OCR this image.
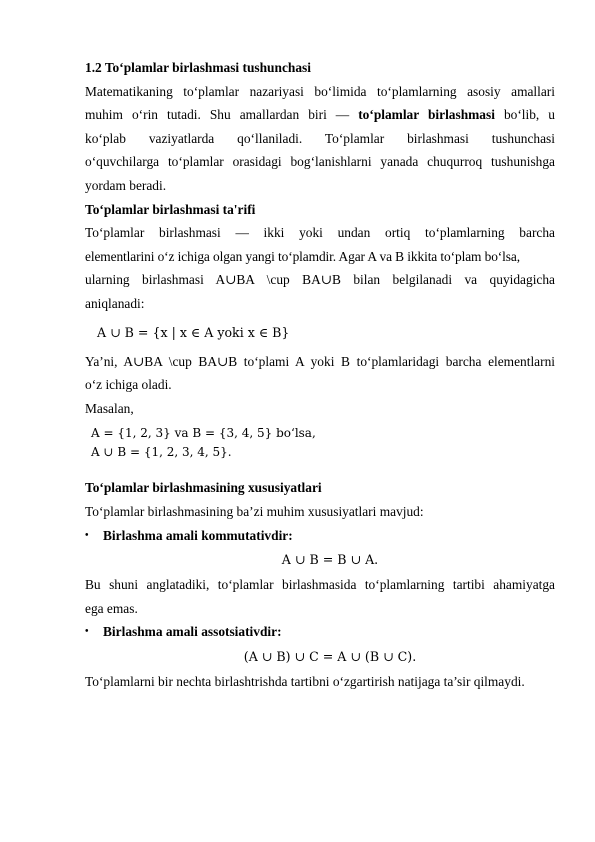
1.2 To‘plamlar birlashmasi tushunchasi
Matematikaning to‘plamlar nazariyasi bo‘limida to‘plamlarning asosiy amallari
muhim o‘rin tutadi. Shu amallardan biri — to‘plamlar birlashmasi bo‘lib, u
ko‘plab vaziyatlarda qo‘llaniladi. To‘plamlar birlashmasi tushunchasi
o‘quvchilarga to‘plamlar orasidagi bog‘lanishlarni yanada chuqurroq tushunishga
yordam beradi.
To‘plamlar birlashmasi ta'rifi
To‘plamlar birlashmasi — ikki yoki undan ortiq to‘plamlarning barcha
elementlarini o‘z ichiga olgan yangi to‘plamdir. Agar A va B ikkita to‘plam bo‘lsa,
ularning birlashmasi A∪BA \cup BA∪B bilan belgilanadi va quyidagicha
aniqlanadi:
A ∪ B = {x | x ∈ A yoki x ∈ B}
Ya’ni, A∪BA \cup BA∪B to‘plami A yoki B to‘plamlaridagi barcha elementlarni
o‘z ichiga oladi.
Masalan,
A = {1, 2, 3} va B = {3, 4, 5} bo‘lsa,
A ∪ B = {1, 2, 3, 4, 5}.
To‘plamlar birlashmasining xususiyatlari
To‘plamlar birlashmasining ba’zi muhim xususiyatlari mavjud:
• Birlashma amali kommutativdir:
A ∪ B = B ∪ A.
Bu shuni anglatadiki, to‘plamlar birlashmasida to‘plamlarning tartibi ahamiyatga
ega emas.
• Birlashma amali assotsiativdir:
(A ∪ B) ∪ C = A ∪ (B ∪ C).
To‘plamlarni bir nechta birlashtrishda tartibni o‘zgartirish natijaga ta’sir qilmaydi.
